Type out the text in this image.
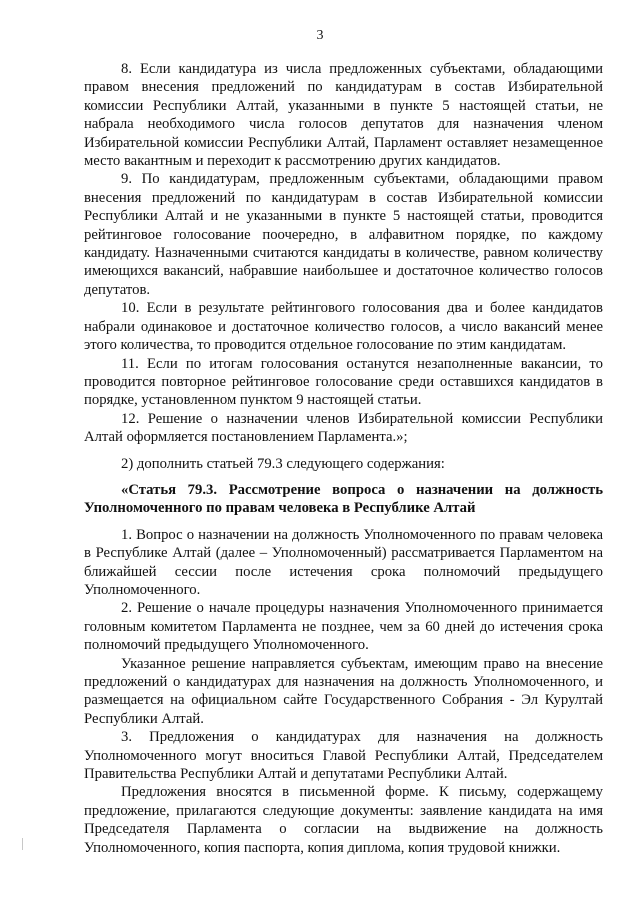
3

8. Если кандидатура из числа предложенных субъектами, обладающими правом внесения предложений по кандидатурам в состав Избирательной комиссии Республики Алтай, указанными в пункте 5 настоящей статьи, не набрала необходимого числа голосов депутатов для назначения членом Избирательной комиссии Республики Алтай, Парламент оставляет незамещенное место вакантным и переходит к рассмотрению других кандидатов.

9. По кандидатурам, предложенным субъектами, обладающими правом внесения предложений по кандидатурам в состав Избирательной комиссии Республики Алтай и не указанными в пункте 5 настоящей статьи, проводится рейтинговое голосование поочередно, в алфавитном порядке, по каждому кандидату. Назначенными считаются кандидаты в количестве, равном количеству имеющихся вакансий, набравшие наибольшее и достаточное количество голосов депутатов.

10. Если в результате рейтингового голосования два и более кандидатов набрали одинаковое и достаточное количество голосов, а число вакансий менее этого количества, то проводится отдельное голосование по этим кандидатам.

11. Если по итогам голосования останутся незаполненные вакансии, то проводится повторное рейтинговое голосование среди оставшихся кандидатов в порядке, установленном пунктом 9 настоящей статьи.

12. Решение о назначении членов Избирательной комиссии Республики Алтай оформляется постановлением Парламента.»;

2) дополнить статьей 79.3 следующего содержания:

«Статья 79.3. Рассмотрение вопроса о назначении на должность Уполномоченного по правам человека в Республике Алтай

1. Вопрос о назначении на должность Уполномоченного по правам человека в Республике Алтай (далее – Уполномоченный) рассматривается Парламентом на ближайшей сессии после истечения срока полномочий предыдущего Уполномоченного.

2. Решение о начале процедуры назначения Уполномоченного принимается головным комитетом Парламента не позднее, чем за 60 дней до истечения срока полномочий предыдущего Уполномоченного.

Указанное решение направляется субъектам, имеющим право на внесение предложений о кандидатурах для назначения на должность Уполномоченного, и размещается на официальном сайте Государственного Собрания - Эл Курултай Республики Алтай.

3. Предложения о кандидатурах для назначения на должность Уполномоченного могут вноситься Главой Республики Алтай, Председателем Правительства Республики Алтай и депутатами Республики Алтай.

Предложения вносятся в письменной форме. К письму, содержащему предложение, прилагаются следующие документы: заявление кандидата на имя Председателя Парламента о согласии на выдвижение на должность Уполномоченного, копия паспорта, копия диплома, копия трудовой книжки.
